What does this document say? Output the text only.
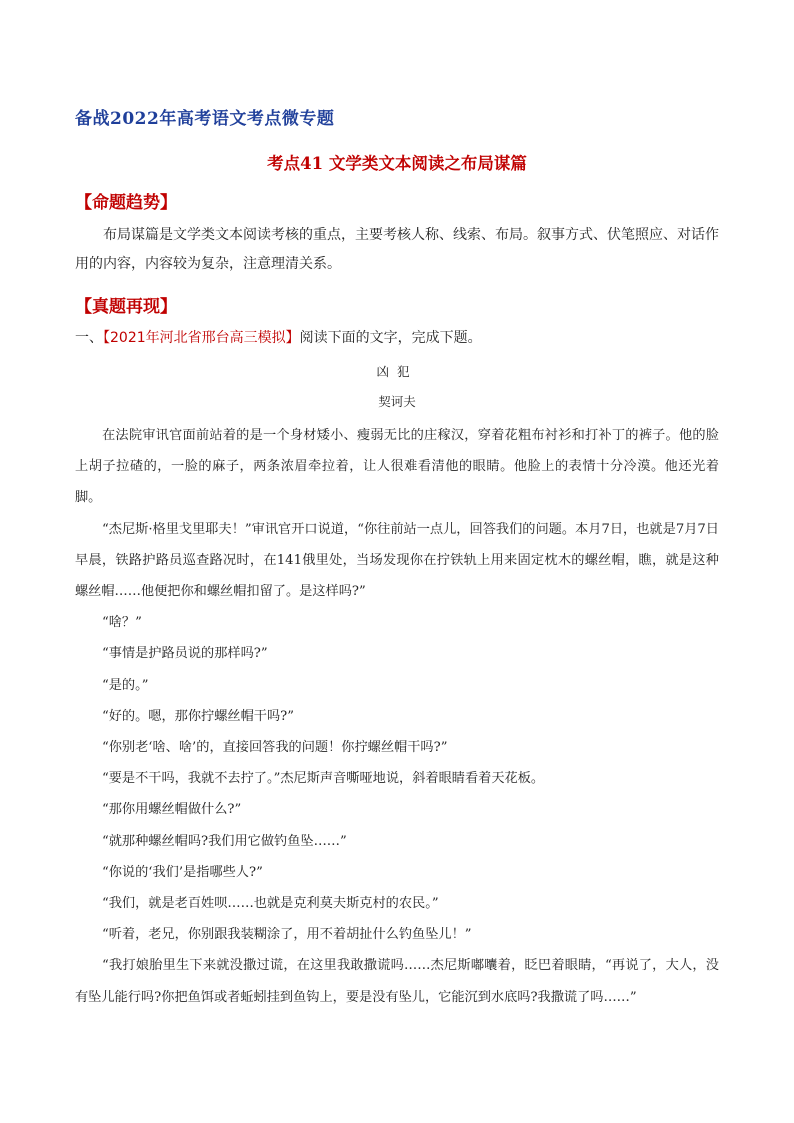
备战2022年高考语文考点微专题
考点41 文学类文本阅读之布局谋篇
【命题趋势】

布局谋篇是文学类文本阅读考核的重点，主要考核人称、线索、布局。叙事方式、伏笔照应、对话作用的内容，内容较为复杂，注意理清关系。

【真题再现】
一、【2021年河北省邢台高三模拟】阅读下面的文字，完成下题。
凶犯
契诃夫

在法院审讯官面前站着的是一个身材矮小、瘦弱无比的庄稼汉，穿着花粗布衬衫和打补丁的裤子。他的脸上胡子拉碴的，一脸的麻子，两条浓眉牵拉着，让人很难看清他的眼睛。他脸上的表情十分冷漠。他还光着脚。

“杰尼斯·格里戈里耶夫！”审讯官开口说道，“你往前站一点儿，回答我们的问题。本月7日，也就是7月7日早晨，铁路护路员巡查路况时，在141俄里处，当场发现你在拧铁轨上用来固定枕木的螺丝帽，瞧，就是这种螺丝帽……他便把你和螺丝帽扣留了。是这样吗?”

“啥？”

“事情是护路员说的那样吗?”

“是的。”

“好的。嗯，那你拧螺丝帽干吗?”

“你别老‘啥、啥’的，直接回答我的问题！你拧螺丝帽干吗?”

“要是不干吗，我就不去拧了。”杰尼斯声音嘶哑地说，斜着眼睛看着天花板。

“那你用螺丝帽做什么?”

“就那种螺丝帽吗?我们用它做钓鱼坠……”

“你说的‘我们’是指哪些人?”

“我们，就是老百姓呗……也就是克利莫夫斯克村的农民。”

“听着，老兄，你别跟我装糊涂了，用不着胡扯什么钓鱼坠儿！”

“我打娘胎里生下来就没撒过谎，在这里我敢撒谎吗……杰尼斯嘟囔着，眨巴着眼睛，“再说了，大人，没有坠儿能行吗?你把鱼饵或者蚯蚓挂到鱼钩上，要是没有坠儿，它能沉到水底吗?我撒谎了吗……”
